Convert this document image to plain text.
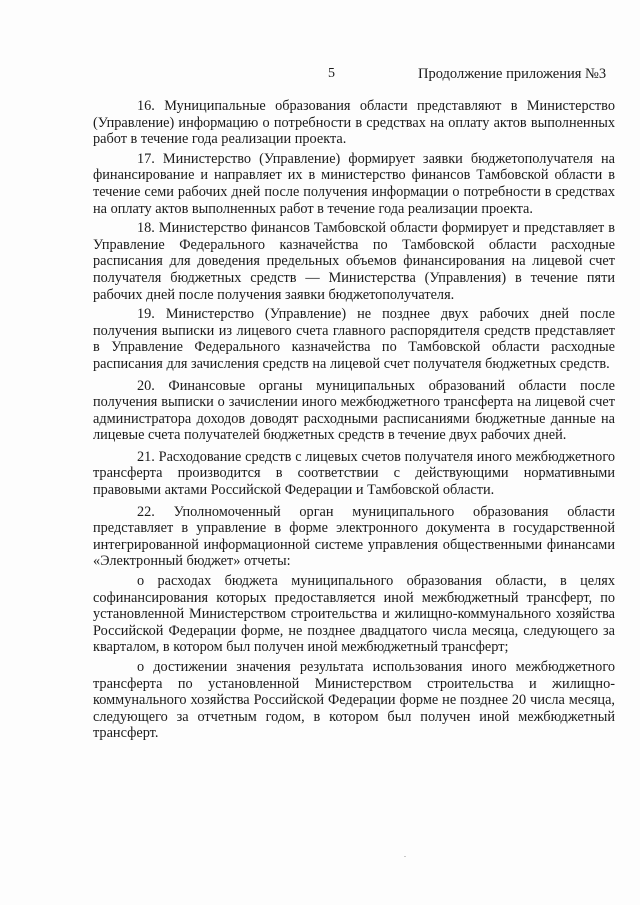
5	Продолжение приложения №3

16. Муниципальные образования области представляют в Министерство (Управление) информацию о потребности в средствах на оплату актов выполненных работ в течение года реализации проекта.

17. Министерство (Управление) формирует заявки бюджетополучателя на финансирование и направляет их в министерство финансов Тамбовской области в течение семи рабочих дней после получения информации о потребности в средствах на оплату актов выполненных работ в течение года реализации проекта.

18. Министерство финансов Тамбовской области формирует и представляет в Управление Федерального казначейства по Тамбовской области расходные расписания для доведения предельных объемов финансирования на лицевой счет получателя бюджетных средств — Министерства (Управления) в течение пяти рабочих дней после получения заявки бюджетополучателя.

19. Министерство (Управление) не позднее двух рабочих дней после получения выписки из лицевого счета главного распорядителя средств представляет в Управление Федерального казначейства по Тамбовской области расходные расписания для зачисления средств на лицевой счет получателя бюджетных средств.

20. Финансовые органы муниципальных образований области после получения выписки о зачислении иного межбюджетного трансферта на лицевой счет администратора доходов доводят расходными расписаниями бюджетные данные на лицевые счета получателей бюджетных средств в течение двух рабочих дней.

21. Расходование средств с лицевых счетов получателя иного межбюджетного трансферта производится в соответствии с действующими нормативными правовыми актами Российской Федерации и Тамбовской области.

22. Уполномоченный орган муниципального образования области представляет в управление в форме электронного документа в государственной интегрированной информационной системе управления общественными финансами «Электронный бюджет» отчеты:

о расходах бюджета муниципального образования области, в целях софинансирования которых предоставляется иной межбюджетный трансферт, по установленной Министерством строительства и жилищно-коммунального хозяйства Российской Федерации форме, не позднее двадцатого числа месяца, следующего за кварталом, в котором был получен иной межбюджетный трансферт;

о достижении значения результата использования иного межбюджетного трансферта по установленной Министерством строительства и жилищно-коммунального хозяйства Российской Федерации форме не позднее 20 числа месяца, следующего за отчетным годом, в котором был получен иной межбюджетный трансферт.
